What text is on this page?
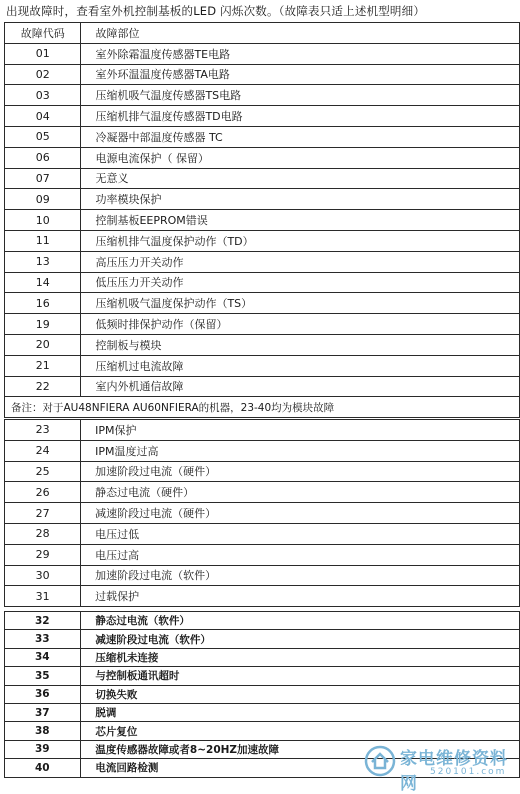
出现故障时，查看室外机控制基板的LED 闪烁次数。（故障表只适上述机型明细）
故障代码	故障部位
01	室外除霜温度传感器TE电路
02	室外环温温度传感器TA电路
03	压缩机吸气温度传感器TS电路
04	压缩机排气温度传感器TD电路
05	冷凝器中部温度传感器 TC
06	电源电流保护（ 保留）
07	无意义
09	功率模块保护
10	控制基板EEPROM错误
11	压缩机排气温度保护动作（TD）
13	高压压力开关动作
14	低压压力开关动作
16	压缩机吸气温度保护动作（TS）
19	低频时排保护动作（保留）
20	控制板与模块
21	压缩机过电流故障
22	室内外机通信故障
备注：对于AU48NFIERA AU60NFIERA的机器，23-40均为模块故障	
23	IPM保护
24	IPM温度过高
25	加速阶段过电流（硬件）
26	静态过电流（硬件）
27	减速阶段过电流（硬件）
28	电压过低
29	电压过高
30	加速阶段过电流（软件）
31	过载保护
32	静态过电流（软件）
33	减速阶段过电流（软件）
34	压缩机未连接
35	与控制板通讯超时
36	切换失败
37	脱调
38	芯片复位
39	温度传感器故障或者8~20HZ加速故障
40	电流回路检测	家电维修资料网
520101.com
